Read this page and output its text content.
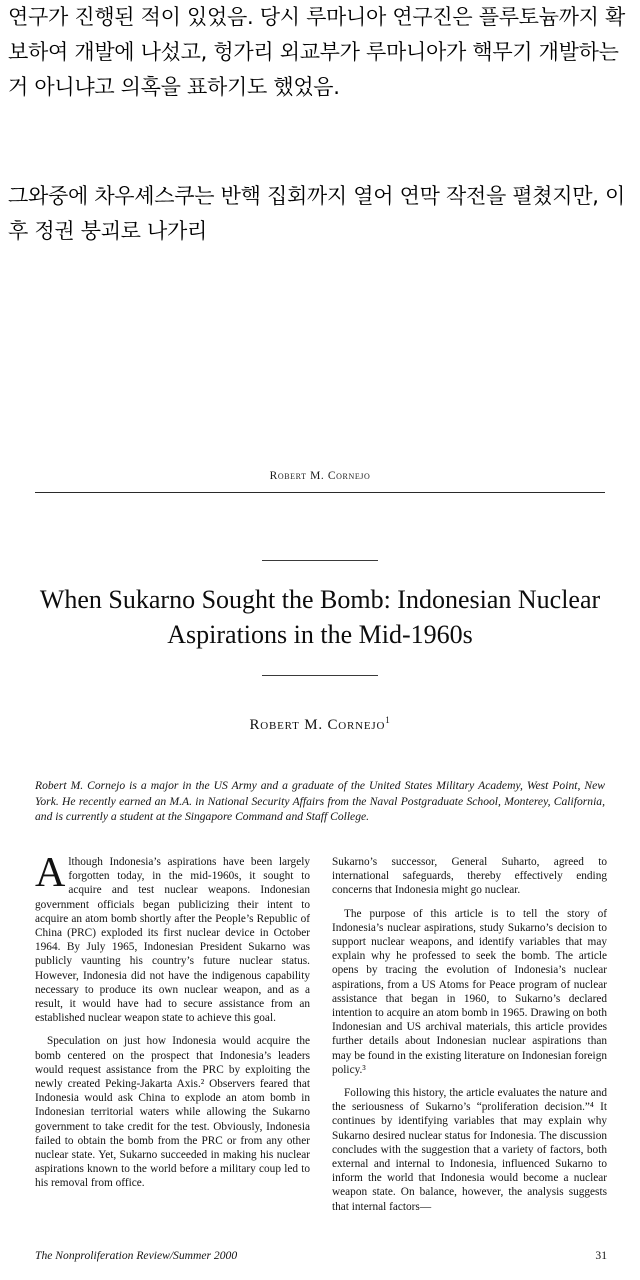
연구가 진행된 적이 있었음. 당시 루마니아 연구진은 플루토늄까지 확보하여 개발에 나섰고, 헝가리 외교부가 루마니아가 핵무기 개발하는거 아니냐고 의혹을 표하기도 했었음.

그와중에 차우셰스쿠는 반핵 집회까지 열어 연막 작전을 펼쳤지만, 이후 정권 붕괴로 나가리

Robert M. Cornejo
When Sukarno Sought the Bomb: Indonesian Nuclear Aspirations in the Mid-1960s
Robert M. Cornejo$^1$
Robert M. Cornejo is a major in the US Army and a graduate of the United States Military Academy, West Point, New York. He recently earned an M.A. in National Security Affairs from the Naval Postgraduate School, Monterey, California, and is currently a student at the Singapore Command and Staff College.

Although Indonesia’s aspirations have been largely forgotten today, in the mid-1960s, it sought to acquire and test nuclear weapons. Indonesian government officials began publicizing their intent to acquire an atom bomb shortly after the People’s Republic of China (PRC) exploded its first nuclear device in October 1964. By July 1965, Indonesian President Sukarno was publicly vaunting his country’s future nuclear status. However, Indonesia did not have the indigenous capability necessary to produce its own nuclear weapon, and as a result, it would have had to secure assistance from an established nuclear weapon state to achieve this goal.

Speculation on just how Indonesia would acquire the bomb centered on the prospect that Indonesia’s leaders would request assistance from the PRC by exploiting the newly created Peking-Jakarta Axis.² Observers feared that Indonesia would ask China to explode an atom bomb in Indonesian territorial waters while allowing the Sukarno government to take credit for the test. Obviously, Indonesia failed to obtain the bomb from the PRC or from any other nuclear state. Yet, Sukarno succeeded in making his nuclear aspirations known to the world before a military coup led to his removal from office.

Sukarno’s successor, General Suharto, agreed to international safeguards, thereby effectively ending concerns that Indonesia might go nuclear.

The purpose of this article is to tell the story of Indonesia’s nuclear aspirations, study Sukarno’s decision to support nuclear weapons, and identify variables that may explain why he professed to seek the bomb. The article opens by tracing the evolution of Indonesia’s nuclear aspirations, from a US Atoms for Peace program of nuclear assistance that began in 1960, to Sukarno’s declared intention to acquire an atom bomb in 1965. Drawing on both Indonesian and US archival materials, this article provides further details about Indonesian nuclear aspirations than may be found in the existing literature on Indonesian foreign policy.³

Following this history, the article evaluates the nature and the seriousness of Sukarno’s “proliferation decision.”⁴ It continues by identifying variables that may explain why Sukarno desired nuclear status for Indonesia. The discussion concludes with the suggestion that a variety of factors, both external and internal to Indonesia, influenced Sukarno to inform the world that Indonesia would become a nuclear weapon state. On balance, however, the analysis suggests that internal factors—

The Nonproliferation Review/Summer 2000	31
